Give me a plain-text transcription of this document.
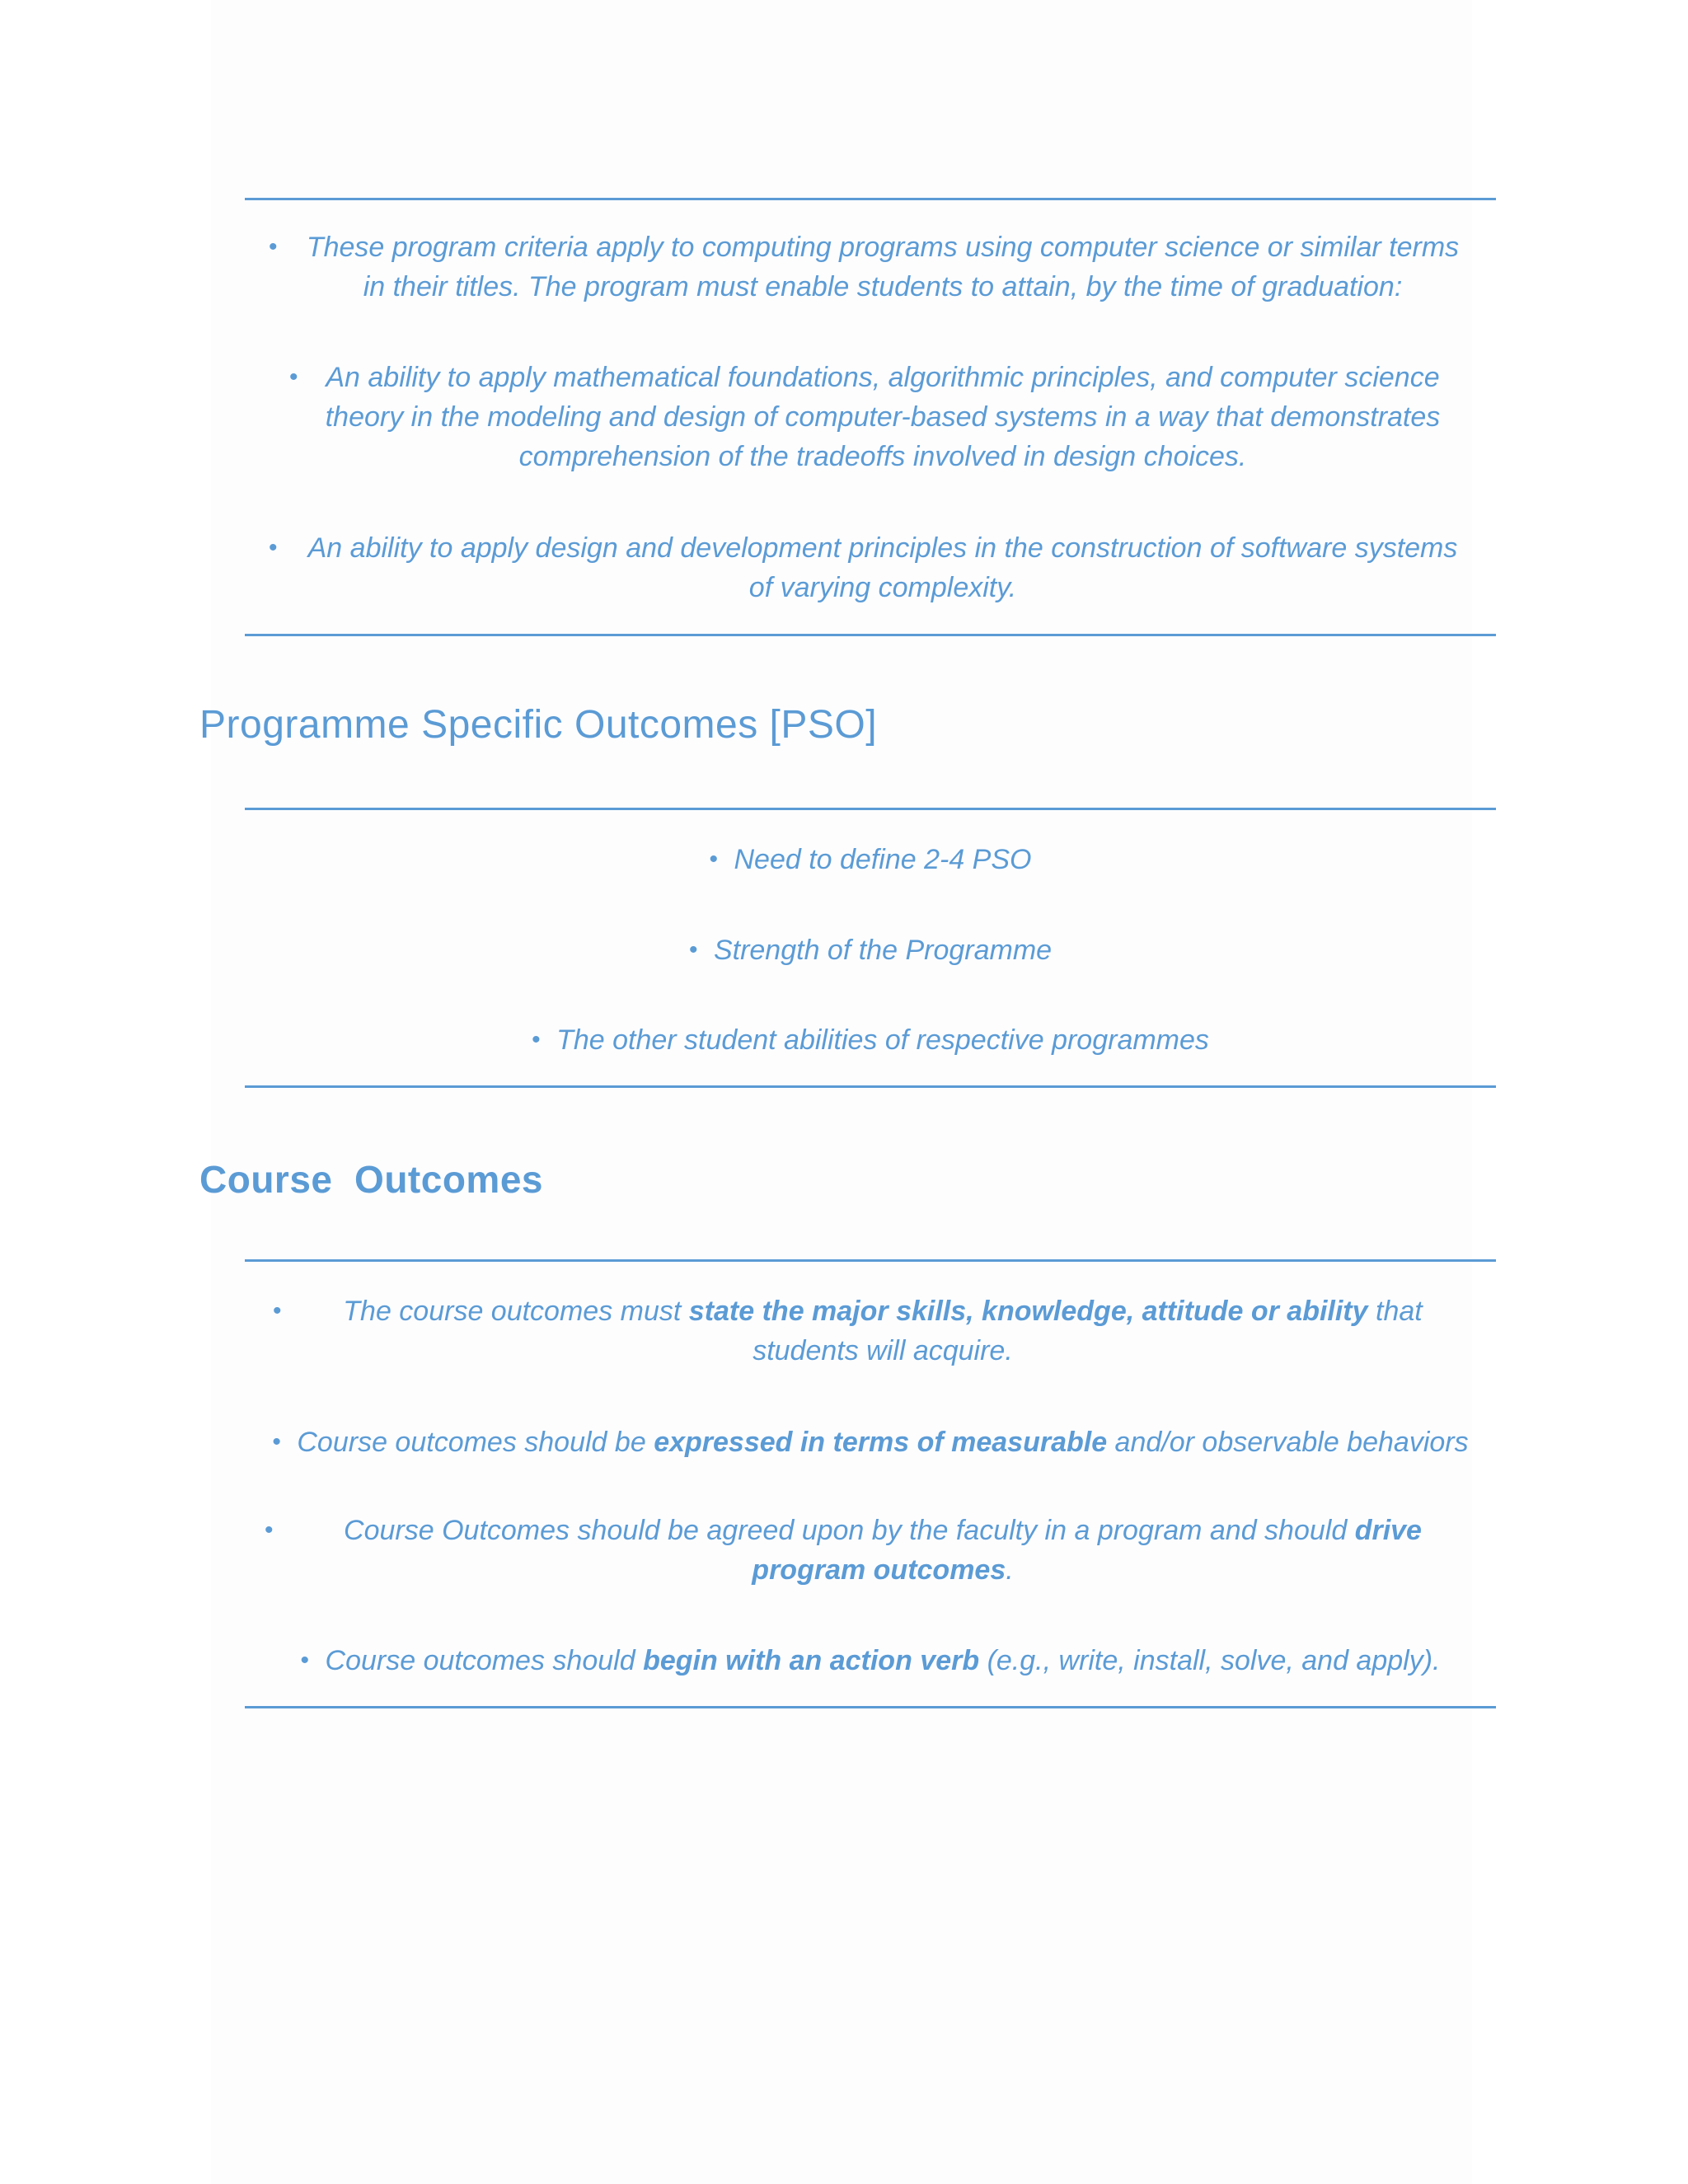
•	These program criteria apply to computing programs using computer science or similar terms in their titles. The program must enable students to attain, by the time of graduation:
• An ability to apply mathematical foundations, algorithmic principles, and computer science theory in the modeling and design of computer-based systems in a way that demonstrates comprehension of the tradeoffs involved in design choices.
•	An ability to apply design and development principles in the construction of software systems of varying complexity.
Programme Specific Outcomes [PSO]
• Need to define 2-4 PSO
• Strength of the Programme
• The other student abilities of respective programmes
Course  Outcomes
•	The course outcomes must state the major skills, knowledge, attitude or ability that students will acquire.
• Course outcomes should be expressed in terms of measurable and/or observable behaviors
•	Course Outcomes should be agreed upon by the faculty in a program and should drive program outcomes.
• Course outcomes should begin with an action verb (e.g., write, install, solve, and apply).
